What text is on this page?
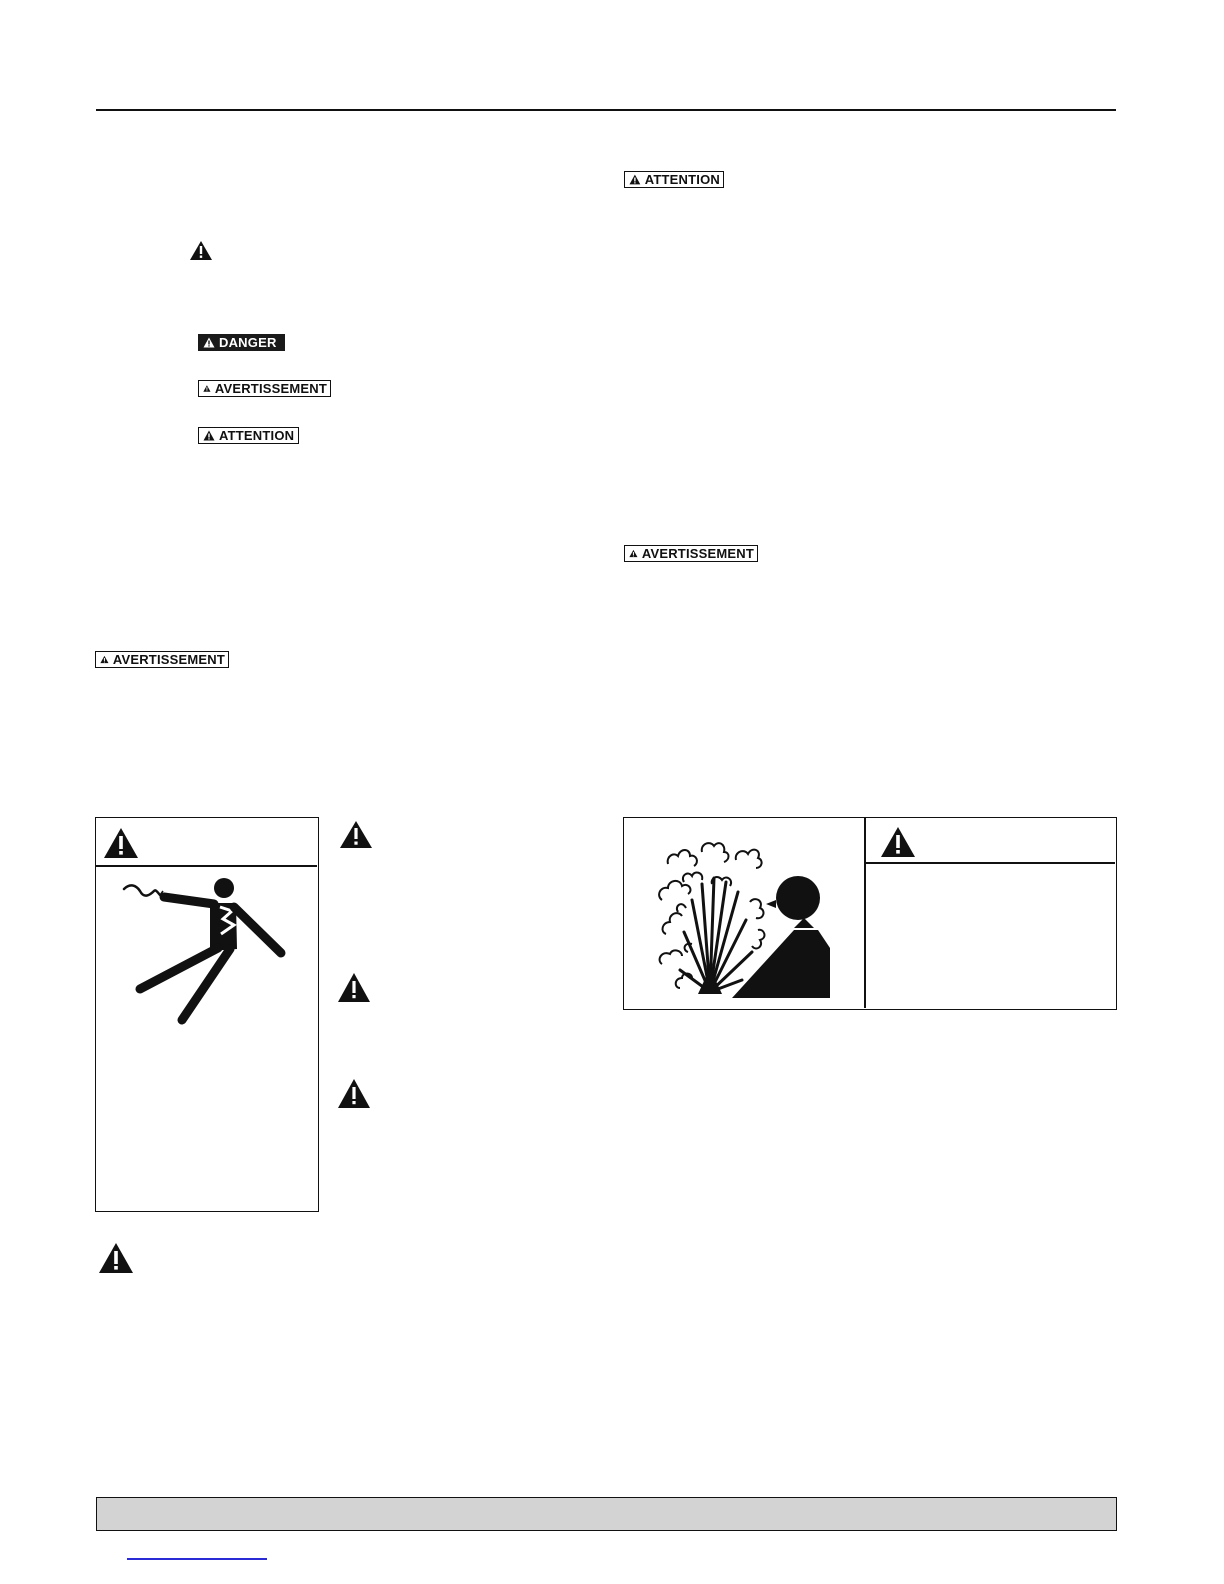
DANGER
AVERTISSEMENT
ATTENTION
AVERTISSEMENT
ATTENTION
AVERTISSEMENT
